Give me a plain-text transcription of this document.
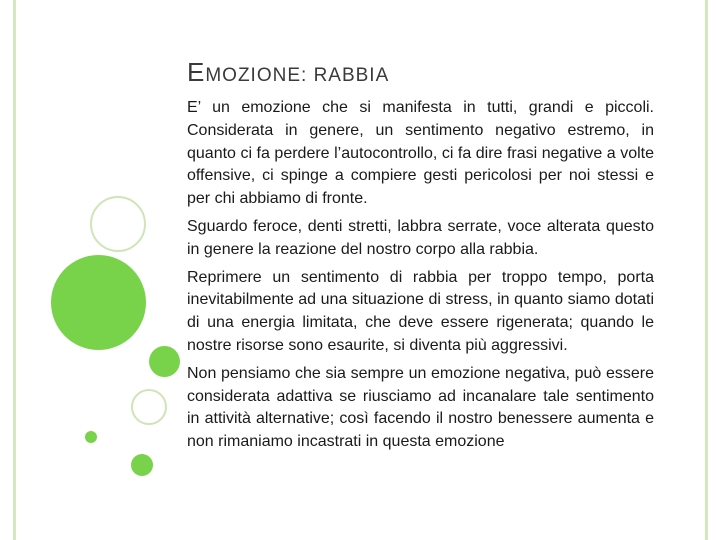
EMOZIONE: RABBIA

E’ un emozione che si manifesta in tutti, grandi e piccoli. Considerata in genere, un sentimento negativo estremo, in quanto ci fa perdere l’autocontrollo, ci fa dire frasi negative a volte offensive, ci spinge a compiere gesti pericolosi per noi stessi e per chi abbiamo di fronte.

Sguardo feroce, denti stretti, labbra serrate, voce alterata questo in genere la reazione del nostro corpo alla rabbia.

Reprimere un sentimento di rabbia per troppo tempo, porta inevitabilmente ad una situazione di stress, in quanto siamo dotati di una energia limitata, che deve essere rigenerata; quando le nostre risorse sono esaurite, si diventa più aggressivi.

Non pensiamo che sia sempre un emozione negativa, può essere considerata adattiva se riusciamo ad incanalare tale sentimento in attività alternative; così facendo il nostro benessere aumenta e non rimaniamo incastrati in questa emozione
